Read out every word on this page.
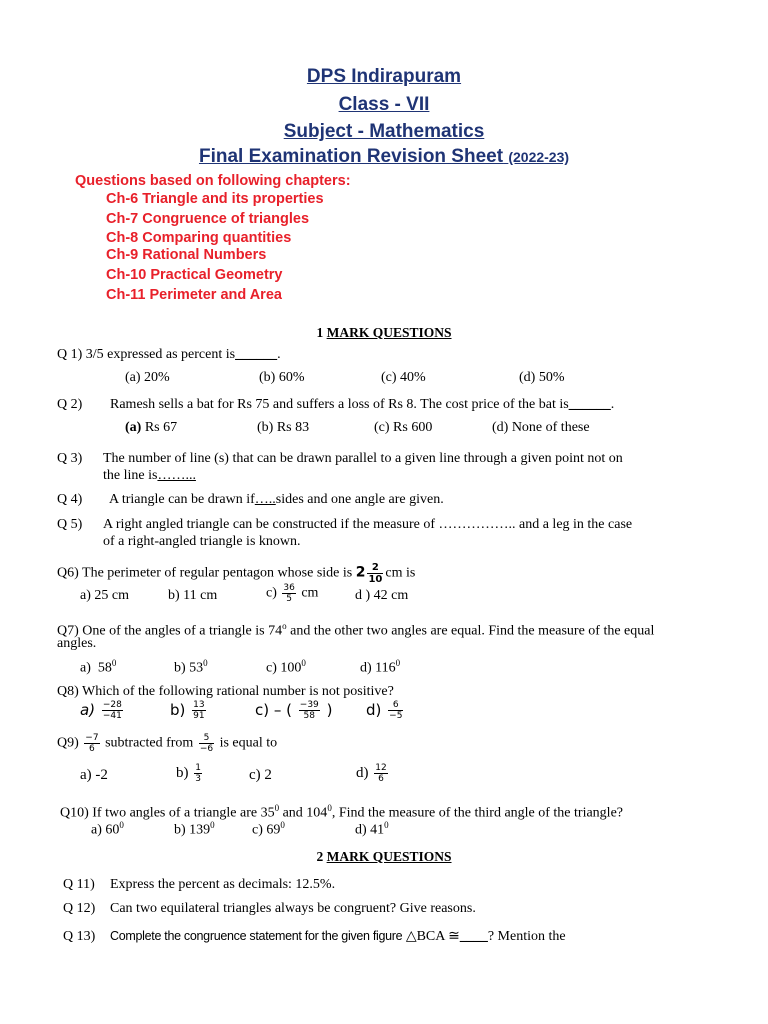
DPS Indirapuram
Class - VII
Subject - Mathematics
Final Examination Revision Sheet (2022-23)
Questions based on following chapters:
Ch-6 Triangle and its properties
Ch-7 Congruence of triangles
Ch-8 Comparing quantities
Ch-9 Rational Numbers
Ch-10 Practical Geometry
Ch-11 Perimeter and Area
1 MARK QUESTIONS
Q 1) 3/5 expressed as percent is______.
(a) 20%	(b) 60%	(c) 40%	(d) 50%
Q 2) Ramesh sells a bat for Rs 75 and suffers a loss of Rs 8. The cost price of the bat is______.
(a) Rs 67	(b) Rs 83	(c) Rs 600	(d) None of these
Q 3) The number of line (s) that can be drawn parallel to a given line through a given point not on
the line is……...
Q 4) A triangle can be drawn if…..sides and one angle are given.
Q 5) A right angled triangle can be constructed if the measure of …………….. and a leg in the case
of a right-angled triangle is known.
Q6) The perimeter of regular pentagon whose side is $2 \frac{2}{10}$ cm is
a) 25 cm	b) 11 cm	$c) \frac{36}{5}$ cm	d ) 42 cm
Q7) One of the angles of a triangle is 74$^o$ and the other two angles are equal. Find the measure of the equal
angles.
a) $58^0$	b) $53^0$	c) $100^0$	d) $116^0$
Q8) Which of the following rational number is not positive?
$a) \frac{-28}{-41}$	$b) \frac{13}{91}$	c) – ( $\frac{-39}{58}$ ) $d) \frac{6}{-5}$
$Q9) \frac{-7}{6}$ subtracted from $\frac{5}{-6}$ is equal to
a) -2	$b) \frac{1}{3}$	c) 2	$d) \frac{12}{6}$
Q10) If two angles of a triangle are $35^0$ and $104^0$, Find the measure of the third angle of the triangle?
a) $60^0$	b) $139^0$	c) $69^0$	d) $41^0$
2 MARK QUESTIONS
Q 11) Express the percent as decimals: 12.5%.
Q 12) Can two equilateral triangles always be congruent? Give reasons.
Q 13) Complete the congruence statement for the given figure △BCA ≅____? Mention the
